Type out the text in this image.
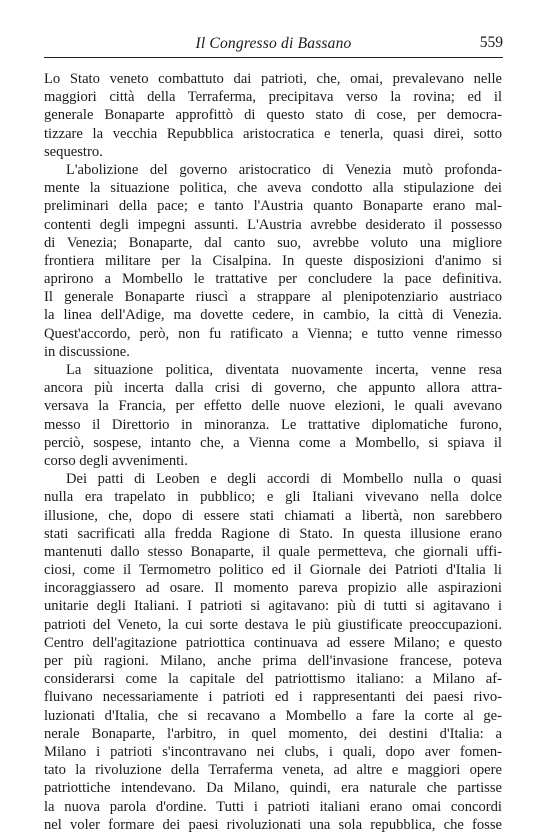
Il Congresso di Bassano	559
Lo Stato veneto combattuto dai patrioti, che, omai, prevalevano nelle
maggiori città della Terraferma, precipitava verso la rovina; ed il
generale Bonaparte approfittò di questo stato di cose, per democra-
tizzare la vecchia Repubblica aristocratica e tenerla, quasi direi, sotto
sequestro.
L'abolizione del governo aristocratico di Venezia mutò profonda-
mente la situazione politica, che aveva condotto alla stipulazione dei
preliminari della pace; e tanto l'Austria quanto Bonaparte erano mal-
contenti degli impegni assunti. L'Austria avrebbe desiderato il possesso
di Venezia; Bonaparte, dal canto suo, avrebbe voluto una migliore
frontiera militare per la Cisalpina. In queste disposizioni d'animo si
aprirono a Mombello le trattative per concludere la pace definitiva.
Il generale Bonaparte riuscì a strappare al plenipotenziario austriaco
la linea dell'Adige, ma dovette cedere, in cambio, la città di Venezia.
Quest'accordo, però, non fu ratificato a Vienna; e tutto venne rimesso
in discussione.
La situazione politica, diventata nuovamente incerta, venne resa
ancora più incerta dalla crisi di governo, che appunto allora attra-
versava la Francia, per effetto delle nuove elezioni, le quali avevano
messo il Direttorio in minoranza. Le trattative diplomatiche furono,
perciò, sospese, intanto che, a Vienna come a Mombello, si spiava il
corso degli avvenimenti.
Dei patti di Leoben e degli accordi di Mombello nulla o quasi
nulla era trapelato in pubblico; e gli Italiani vivevano nella dolce
illusione, che, dopo di essere stati chiamati a libertà, non sarebbero
stati sacrificati alla fredda Ragione di Stato. In questa illusione erano
mantenuti dallo stesso Bonaparte, il quale permetteva, che giornali uffi-
ciosi, come il Termometro politico ed il Giornale dei Patrioti d'Italia li
incoraggiassero ad osare. Il momento pareva propizio alle aspirazioni
unitarie degli Italiani. I patrioti si agitavano: più di tutti si agitavano i
patrioti del Veneto, la cui sorte destava le più giustificate preoccupazioni.
Centro dell'agitazione patriottica continuava ad essere Milano; e questo
per più ragioni. Milano, anche prima dell'invasione francese, poteva
considerarsi come la capitale del patriottismo italiano: a Milano af-
fluivano necessariamente i patrioti ed i rappresentanti dei paesi rivo-
luzionati d'Italia, che si recavano a Mombello a fare la corte al ge-
nerale Bonaparte, l'arbitro, in quel momento, dei destini d'Italia: a
Milano i patrioti s'incontravano nei clubs, i quali, dopo aver fomen-
tato la rivoluzione della Terraferma veneta, ad altre e maggiori opere
patriottiche intendevano. Da Milano, quindi, era naturale che partisse
la nuova parola d'ordine. Tutti i patrioti italiani erano omai concordi
nel voler formare dei paesi rivoluzionati una sola repubblica, che fosse
